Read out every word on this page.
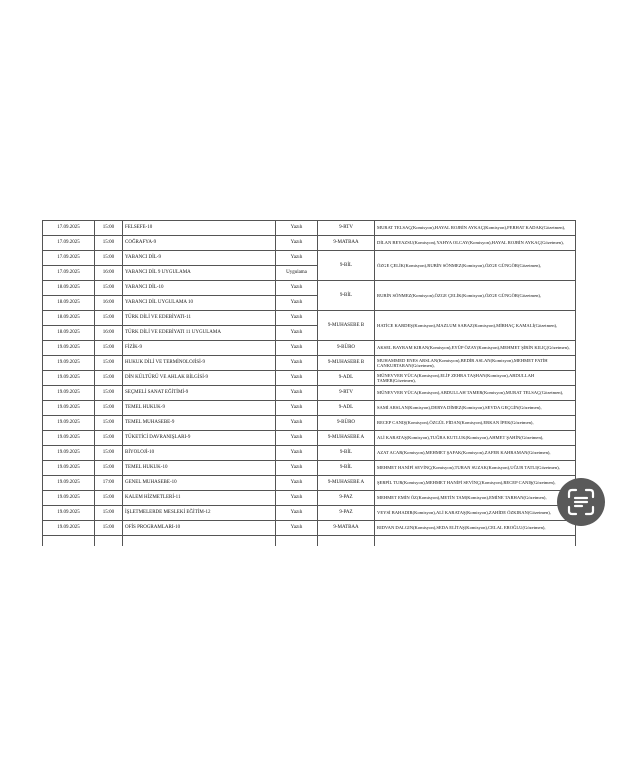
17.09.2025	15:00	FELSEFE-10	Yazılı	9-RTV	MURAT TELSAÇ(Komisyon),HAYAL ROJBİN AYKAÇ(Komisyon),FERHAT KADAK(Gözetmen),
17.09.2025	15:00	COĞRAFYA-9	Yazılı	9-MATBAA	DİLAN BEYAZSU(Komisyon),YAHYA OLCAY(Komisyon),HAYAL ROJBİN AYKAÇ(Gözetmen),
17.09.2025	15:00	YABANCI DİL-9	Yazılı	9-BİL	ÖZGE ÇELİK(Komisyon),RUBİN SÖNMEZ(Komisyon),ÖZGE GÜNGÖR(Gözetmen),
17.09.2025	16:00	YABANCI DİL 9 UYGULAMA	Uygulama		
18.09.2025	15:00	YABANCI DİL-10	Yazılı	9-BİL	RUBİN SÖNMEZ(Komisyon),ÖZGE ÇELİK(Komisyon),ÖZGE GÜNGÖR(Gözetmen),
18.09.2025	16:00	YABANCI DİL UYGULAMA 10	Yazılı		
18.09.2025	15:00	TÜRK DİLİ VE EDEBİYATI-11	Yazılı	9-MUHASEBE B	HATİCE KARDEŞ(Komisyon),MAZLUM SABAZ(Komisyon),MİRHAÇ KAMALİ(Gözetmen),
18.09.2025	16:00	TÜRK DİLİ VE EDEBİYATI 11 UYGULAMA	Yazılı		
19.09.2025	15:00	FİZİK-9	Yazılı	9-BÜRO	AKSEL BAYRAM KIRAN(Komisyon),EYÜP ÖZAY(Komisyon),MEHMET ŞİRİN KILIÇ(Gözetmen),
19.09.2025	15:00	HUKUK DİLİ VE TERMİNOLOJİSİ-9	Yazılı	9-MUHASEBE B	MUHAMMED ENES ARSLAN(Komisyon),BEDİR ASLAN(Komisyon),MEHMET FATİH CANKURTARAN(Gözetmen),
19.09.2025	15:00	DİN KÜLTÜRÜ VE AHLAK BİLGİSİ-9	Yazılı	9-ADL	MÜNEVVER YÜCA(Komisyon),ELİF ZEHRA TAŞHAN(Komisyon),ABDULLAH TAMER(Gözetmen),
19.09.2025	15:00	SEÇMELİ SANAT EĞİTİMİ-9	Yazılı	9-RTV	MÜNEVVER YÜCA(Komisyon),ABDULLAH TAMER(Komisyon),MURAT TELSAÇ(Gözetmen),
19.09.2025	15:00	TEMEL HUKUK-9	Yazılı	9-ADL	SAMİ ARSLAN(Komisyon),DERYA DİMEZ(Komisyon),SEVDA GEÇGİN(Gözetmen),
19.09.2025	15:00	TEMEL MUHASEBE-9	Yazılı	9-BÜRO	RECEP CANIŞ(Komisyon),ÖZGÜL FİDAN(Komisyon),ERKAN İPEK(Gözetmen),
19.09.2025	15:00	TÜKETİCİ DAVRANIŞLARI-9	Yazılı	9-MUHASEBE A	ALİ KARATAŞ(Komisyon),TUĞBA KUTLUK(Komisyon),AHMET ŞAHİN(Gözetmen),
19.09.2025	15:00	BİYOLOJİ-10	Yazılı	9-BİL	AZAT ACAR(Komisyon),MEHMET ŞAFAK(Komisyon),ZAFER KAHRAMAN(Gözetmen),
19.09.2025	15:00	TEMEL HUKUK-10	Yazılı	9-BİL	MEHMET HANİFİ SEVİNÇ(Komisyon),TURAN SUZAK(Komisyon),UĞUR TATLI(Gözetmen),
19.09.2025	17:00	GENEL MUHASEBE-10	Yazılı	9-MUHASEBE A	ŞERPİL TUR(Komisyon),MEHMET HANİFİ SEVİNÇ(Komisyon),RECEP CANIŞ(Gözetmen),
19.09.2025	15:00	KALEM HİZMETLERİ-11	Yazılı	9-PAZ	MEHMET EMİN ÖZ(Komisyon),METİN TAM(Komisyon),EMİNE TARHAN(Gözetmen),
19.09.2025	15:00	İŞLETMELERDE MESLEKİ EĞİTİM-12	Yazılı	9-PAZ	VEYSİ BAHADIR(Komisyon),ALİ KARATAŞ(Komisyon),ZAHİDE ÖZKIRAN(Gözetmen),
19.09.2025	15:00	OFİS PROGRAMLARI-10	Yazılı	9-MATBAA	RIDVAN DALGIN(Komisyon),SEDA ELİTAŞ(Komisyon),CELAL EROĞLU(Gözetmen),
